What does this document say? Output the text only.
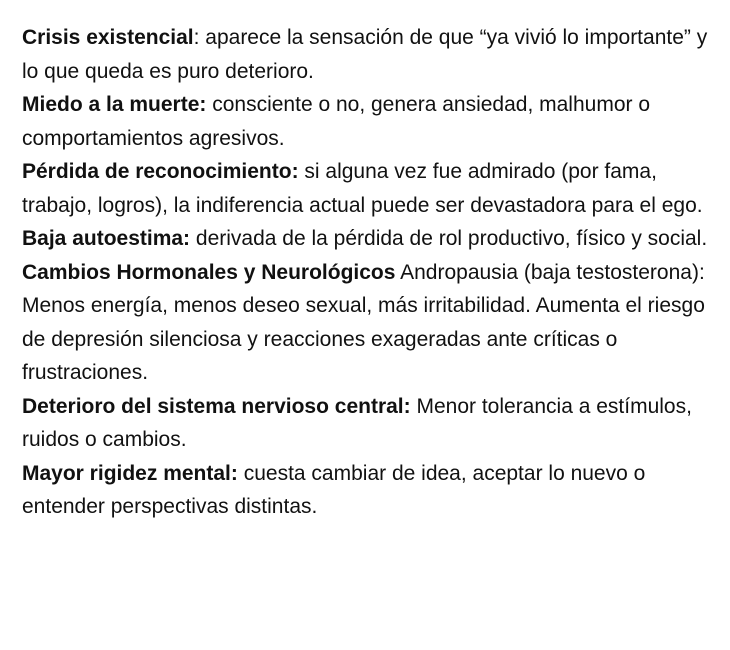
Crisis existencial: aparece la sensación de que “ya vivió lo importante” y lo que queda es puro deterioro.

Miedo a la muerte: consciente o no, genera ansiedad, malhumor o comportamientos agresivos.

Pérdida de reconocimiento: si alguna vez fue admirado (por fama, trabajo, logros), la indiferencia actual puede ser devastadora para el ego.

Baja autoestima: derivada de la pérdida de rol productivo, físico y social.

Cambios Hormonales y Neurológicos Andropausia (baja testosterona): Menos energía, menos deseo sexual, más irritabilidad. Aumenta el riesgo de depresión silenciosa y reacciones exageradas ante críticas o frustraciones.

Deterioro del sistema nervioso central: Menor tolerancia a estímulos, ruidos o cambios.

Mayor rigidez mental: cuesta cambiar de idea, aceptar lo nuevo o entender perspectivas distintas.
